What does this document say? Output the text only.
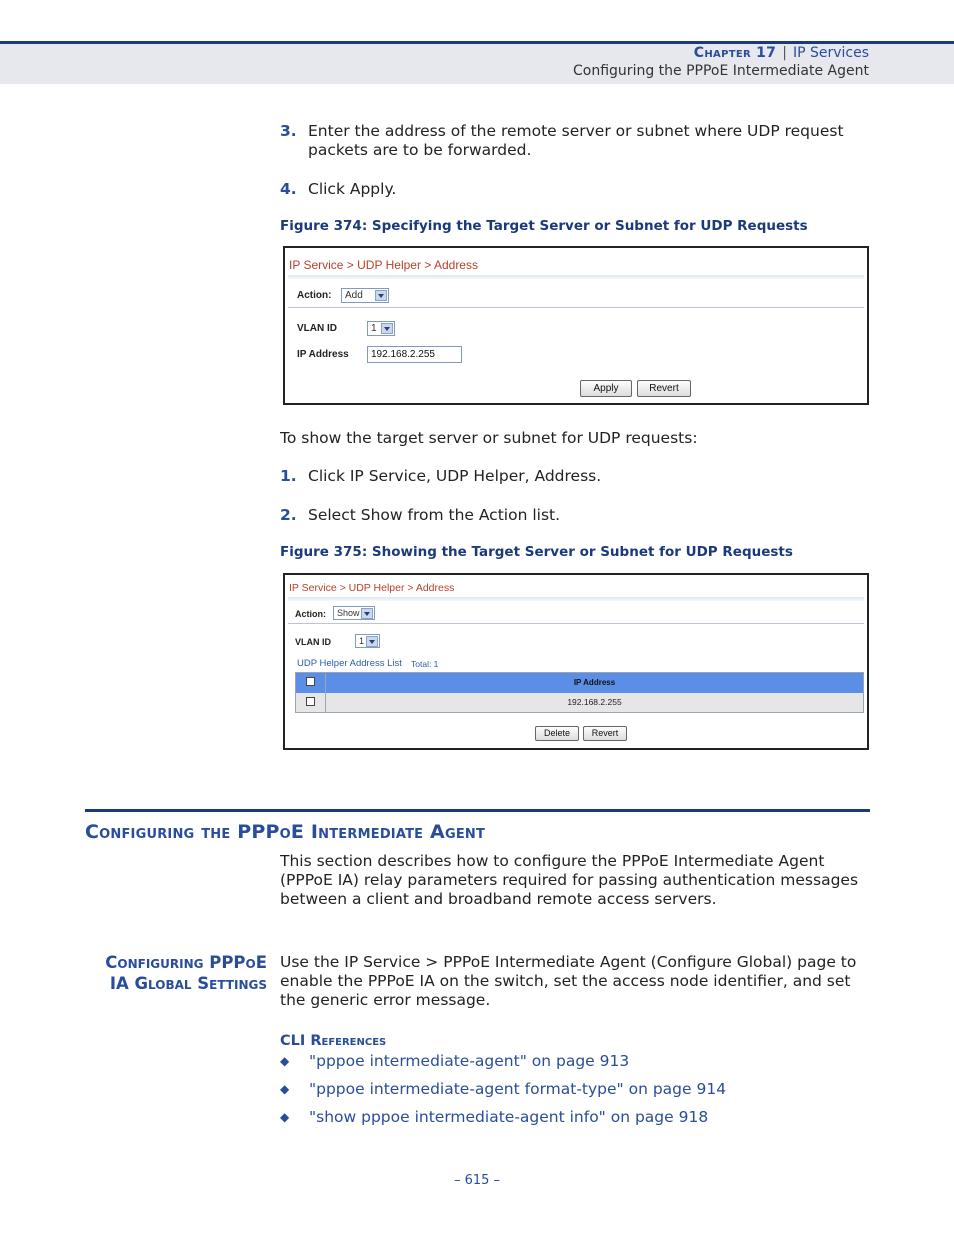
Chapter 17 | IP Services
Configuring the PPPoE Intermediate Agent
3. Enter the address of the remote server or subnet where UDP request packets are to be forwarded.
4. Click Apply.
Figure 374: Specifying the Target Server or Subnet for UDP Requests
IP Service > UDP Helper > Address
Action: Add
VLAN ID	1
IP Address	192.168.2.255
Apply	Revert
To show the target server or subnet for UDP requests:
1. Click IP Service, UDP Helper, Address.
2. Select Show from the Action list.
Figure 375: Showing the Target Server or Subnet for UDP Requests
IP Service > UDP Helper > Address
Action: Show
VLAN ID	1
UDP Helper Address List Total: 1
IP Address
192.168.2.255
Delete	Revert
Configuring the PPPoE Intermediate Agent
This section describes how to configure the PPPoE Intermediate Agent (PPPoE IA) relay parameters required for passing authentication messages between a client and broadband remote access servers.
Configuring PPPoE IA Global Settings
Use the IP Service > PPPoE Intermediate Agent (Configure Global) page to enable the PPPoE IA on the switch, set the access node identifier, and set the generic error message.
CLI References
◆ "pppoe intermediate-agent" on page 913
◆ "pppoe intermediate-agent format-type" on page 914
◆ "show pppoe intermediate-agent info" on page 918
– 615 –
